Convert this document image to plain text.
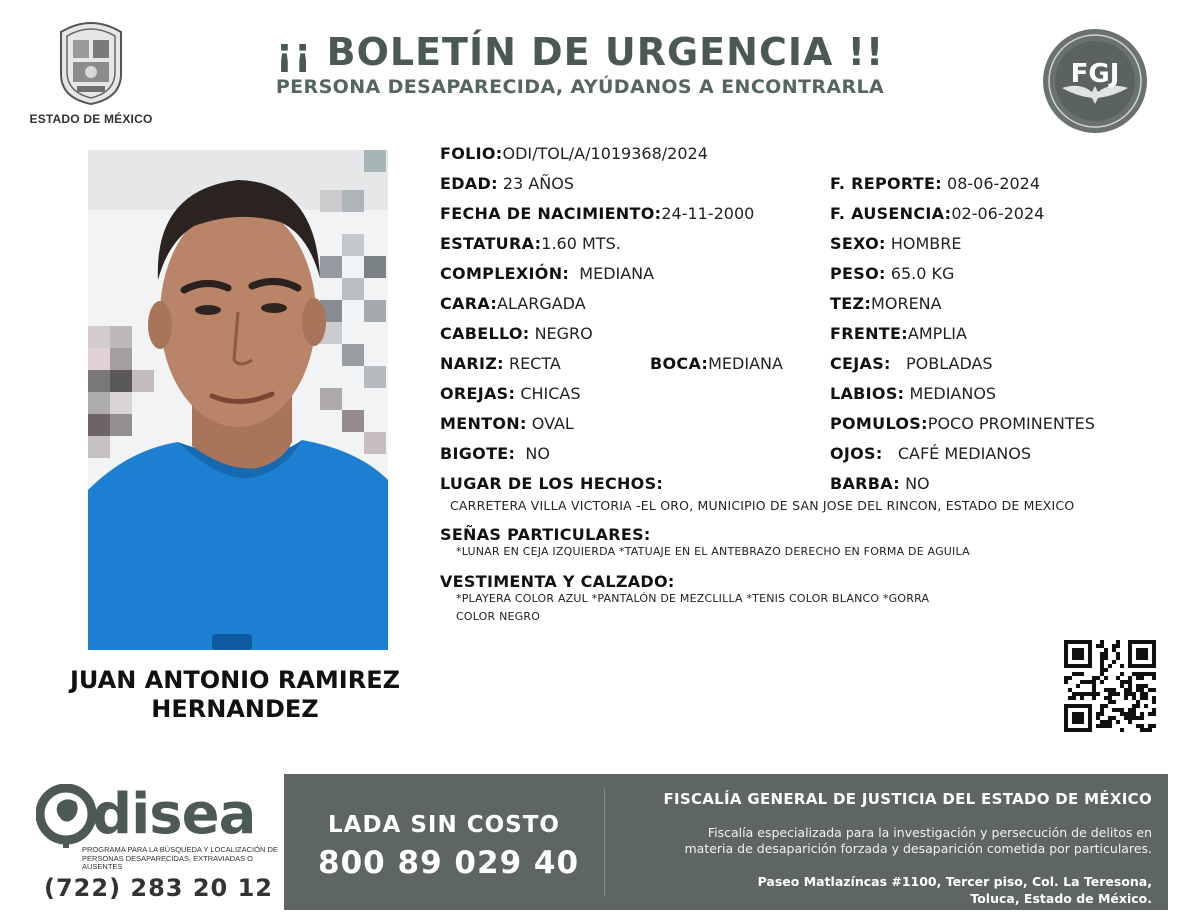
ESTADO DE MÉXICO
¡¡ BOLETÍN DE URGENCIA !!
PERSONA DESAPARECIDA, AYÚDANOS A ENCONTRARLA	FGJ
JUAN ANTONIO RAMIREZ
HERNANDEZ
FOLIO:ODI/TOL/A/1019368/2024
EDAD: 23 AÑOS	F. REPORTE: 08-06-2024
FECHA DE NACIMIENTO:24-11-2000	F. AUSENCIA:02-06-2024
ESTATURA:1.60 MTS.	SEXO: HOMBRE
COMPLEXIÓN: MEDIANA	PESO: 65.0 KG
CARA:ALARGADA	TEZ:MORENA
CABELLO: NEGRO	FRENTE:AMPLIA
NARIZ: RECTA	BOCA:MEDIANA	CEJAS: POBLADAS
OREJAS: CHICAS	LABIOS: MEDIANOS
MENTON: OVAL	POMULOS:POCO PROMINENTES
BIGOTE: NO	OJOS: CAFÉ MEDIANOS
LUGAR DE LOS HECHOS:	BARBA: NO
CARRETERA VILLA VICTORIA -EL ORO, MUNICIPIO DE SAN JOSE DEL RINCON, ESTADO DE MEXICO
SEÑAS PARTICULARES:
*LUNAR EN CEJA IZQUIERDA *TATUAJE EN EL ANTEBRAZO DERECHO EN FORMA DE AGUILA
VESTIMENTA Y CALZADO:
*PLAYERA COLOR AZUL *PANTALÓN DE MEZCLILLA *TENIS COLOR BLANCO *GORRA
COLOR NEGRO
disea
PROGRAMA PARA LA BÚSQUEDA Y LOCALIZACIÓN DE PERSONAS DESAPARECIDAS, EXTRAVIADAS O AUSENTES
(722) 283 20 12
LADA SIN COSTO
800 89 029 40
FISCALÍA GENERAL DE JUSTICIA DEL ESTADO DE MÉXICO
Fiscalía especializada para la investigación y persecución de delitos en
materia de desaparición forzada y desaparición cometida por particulares.
Paseo Matlazíncas #1100, Tercer piso, Col. La Teresona,
Toluca, Estado de México.
